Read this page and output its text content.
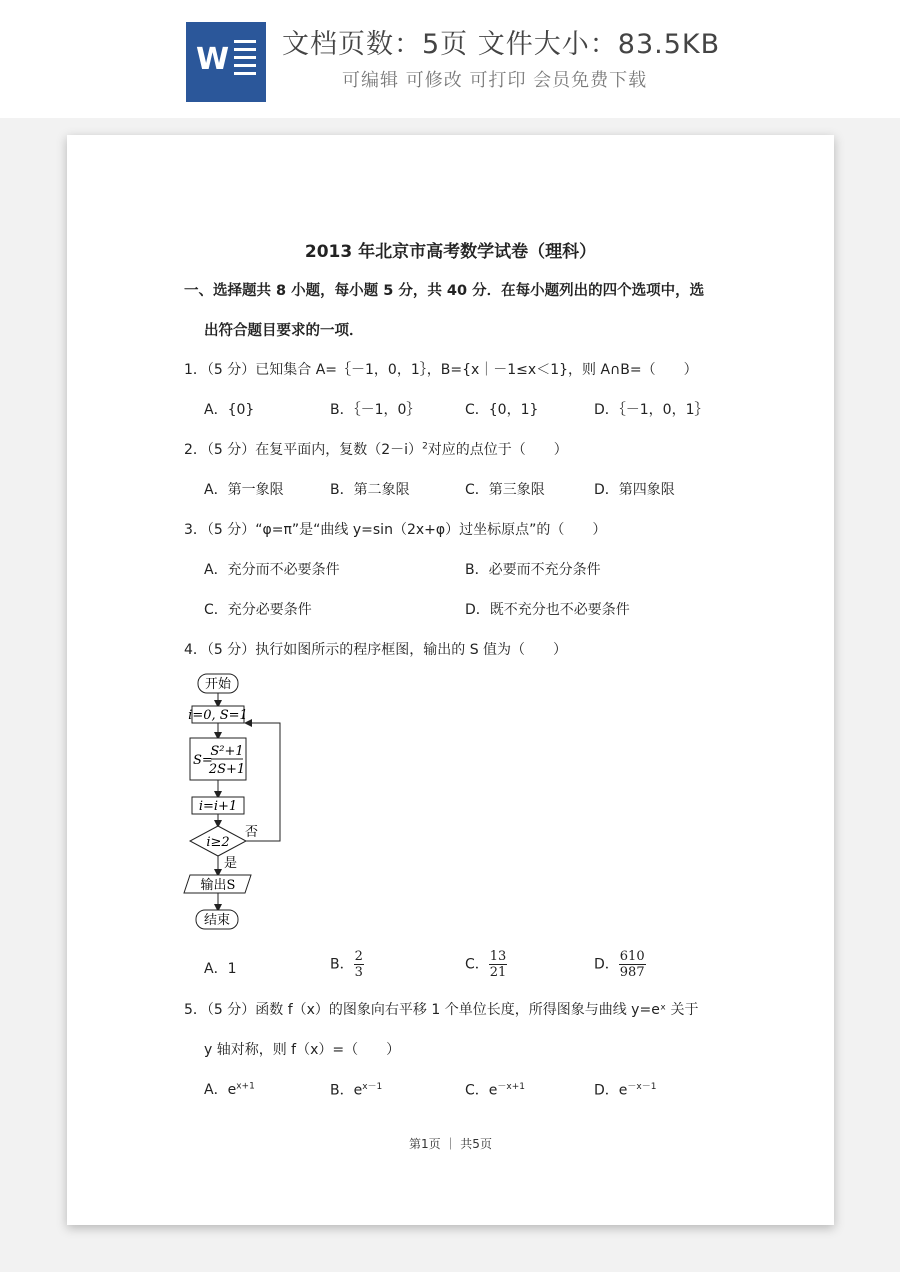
W 文档页数：5页 文件大小：83.5KB
可编辑 可修改 可打印 会员免费下载
2013 年北京市高考数学试卷（理科）
一、选择题共 8 小题，每小题 5 分，共 40 分．在每小题列出的四个选项中，选
出符合题目要求的一项．
1．（5 分）已知集合 A=｛－1，0，1｝，B={x｜－1≤x＜1}，则 A∩B=（　　）
A．{0}	B．｛－1，0｝	C．{0，1}	D．｛－1，0，1｝
2．（5 分）在复平面内，复数$(2-i)^2$对应的点位于（　　）
A．第一象限	B．第二象限	C．第三象限	D．第四象限
3．（5 分）“φ=π”是“曲线 y=sin（2x+φ）过坐标原点”的（　　）
A．充分而不必要条件	B．必要而不充分条件
C．充分必要条件	D．既不充分也不必要条件
4．（5 分）执行如图所示的程序框图，输出的 S 值为（　　）
开始
i=0, S=1
S=
S²+1
2S+1
i=i+1
i≥2
否
是
输出S
结束
A．1	B． $\frac{2}{3}$	C． $\frac{13}{21}$	D． $\frac{610}{987}$
5．（5 分）函数 f（x）的图象向右平移 1 个单位长度，所得图象与曲线 y=eˣ 关于
y 轴对称，则 f（x）=（　　）
A．$e^{x+1}$	B．$e^{x-1}$	C．$e^{-x+1}$	D．$e^{-x-1}$
第1页 ｜ 共5页
